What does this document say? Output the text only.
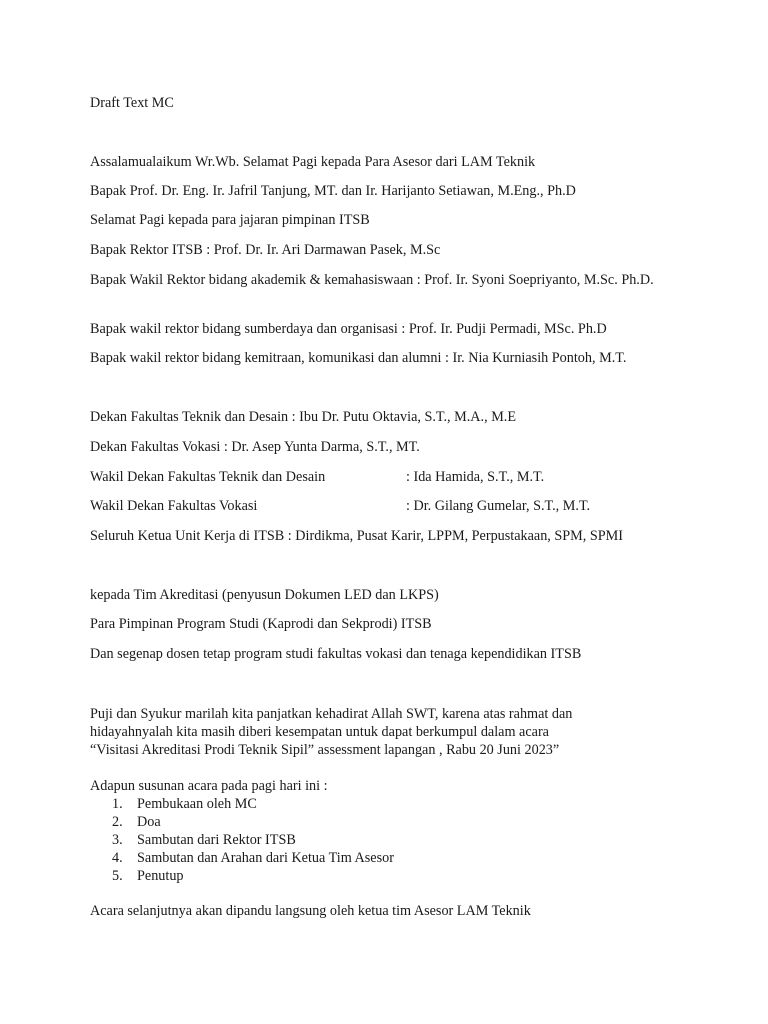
Draft Text MC
Assalamualaikum Wr.Wb. Selamat Pagi kepada Para Asesor dari LAM Teknik
Bapak Prof. Dr. Eng. Ir. Jafril Tanjung, MT. dan Ir. Harijanto Setiawan, M.Eng., Ph.D
Selamat Pagi kepada para jajaran pimpinan ITSB
Bapak Rektor ITSB : Prof. Dr. Ir. Ari Darmawan Pasek, M.Sc
Bapak Wakil Rektor bidang akademik & kemahasiswaan : Prof. Ir. Syoni Soepriyanto, M.Sc. Ph.D.
Bapak wakil rektor bidang sumberdaya dan organisasi : Prof. Ir. Pudji Permadi, MSc. Ph.D
Bapak wakil rektor bidang kemitraan, komunikasi dan alumni : Ir. Nia Kurniasih Pontoh, M.T.
Dekan Fakultas Teknik dan Desain : Ibu Dr. Putu Oktavia, S.T., M.A., M.E
Dekan Fakultas Vokasi : Dr. Asep Yunta Darma, S.T., MT.
Wakil Dekan Fakultas Teknik dan Desain	: Ida Hamida, S.T., M.T.
Wakil Dekan Fakultas Vokasi	: Dr. Gilang Gumelar, S.T., M.T.
Seluruh Ketua Unit Kerja di ITSB : Dirdikma, Pusat Karir, LPPM, Perpustakaan, SPM, SPMI
kepada Tim Akreditasi (penyusun Dokumen LED dan LKPS)
Para Pimpinan Program Studi (Kaprodi dan Sekprodi) ITSB
Dan segenap dosen tetap program studi fakultas vokasi dan tenaga kependidikan ITSB
Puji dan Syukur marilah kita panjatkan kehadirat Allah SWT, karena atas rahmat dan
hidayahnyalah kita masih diberi kesempatan untuk dapat berkumpul dalam acara
“Visitasi Akreditasi Prodi Teknik Sipil” assessment lapangan , Rabu 20 Juni 2023”
Adapun susunan acara pada pagi hari ini :
1. Pembukaan oleh MC
2. Doa
3. Sambutan dari Rektor ITSB
4. Sambutan dan Arahan dari Ketua Tim Asesor
5. Penutup
Acara selanjutnya akan dipandu langsung oleh ketua tim Asesor LAM Teknik
